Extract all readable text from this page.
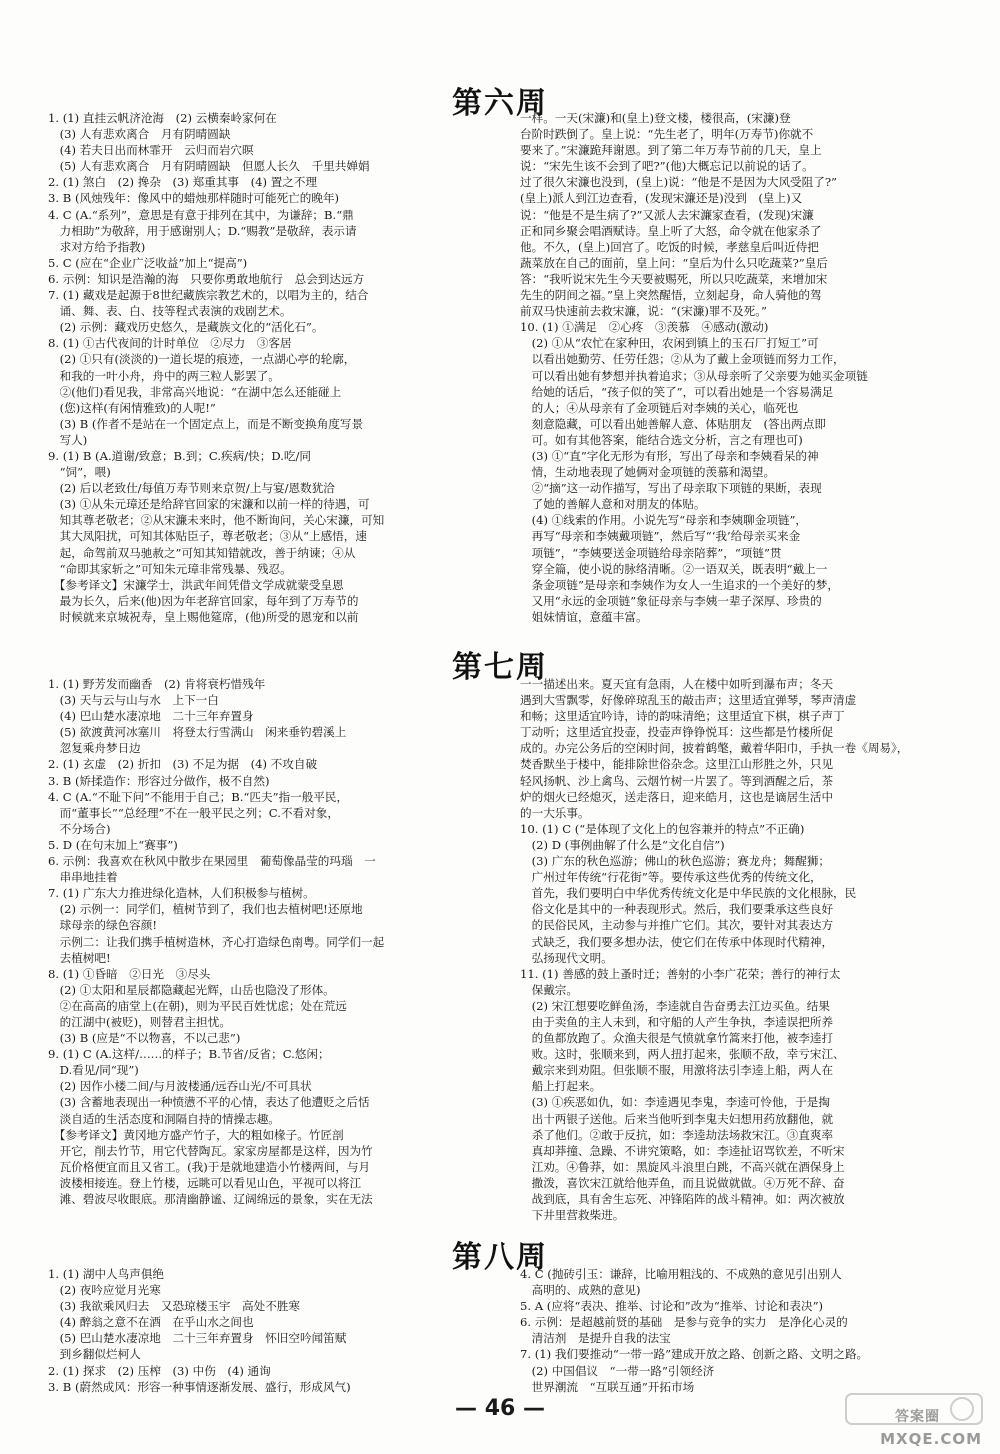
第六周
1. (1) 直挂云帆济沧海　(2) 云横秦岭家何在
　(3) 人有悲欢离合　月有阴晴圆缺
　(4) 若夫日出而林霏开　云归而岩穴暝
　(5) 人有悲欢离合　月有阴晴圆缺　但愿人长久　千里共婵娟
2. (1) 煞白　(2) 搀杂　(3) 郑重其事　(4) 置之不理
3. B (风烛残年：像风中的蜡烛那样随时可能死亡的晚年)
4. C (A.“系列”，意思是有意于排列在其中，为谦辞；B.“鼎
　力相助”为敬辞，用于感谢别人；D.“赐教”是敬辞，表示请
　求对方给予指教)
5. C (应在“企业广泛收益”加上“提高”)
6. 示例：知识是浩瀚的海　只要你勇敢地航行　总会到达远方
7. (1) 藏戏是起源于8世纪藏族宗教艺术的，以唱为主的，结合
　诵、舞、表、白、技等程式表演的戏剧艺术。
　(2) 示例：藏戏历史悠久，是藏族文化的“活化石”。
8. (1) ①古代夜间的计时单位　②尽力　③客居
　(2) ①只有(淡淡的)一道长堤的痕迹，一点湖心亭的轮廓，
　和我的一叶小舟，舟中的两三粒人影罢了。
　②(他们)看见我，非常高兴地说：“在湖中怎么还能碰上
　(您)这样(有闲情雅致)的人呢!”
　(3) B (作者不是站在一个固定点上，而是不断变换角度写景
　写人)
9. (1) B (A.道谢/致意；B.到；C.疾病/快；D.吃/同
　“饲”，喂)
　(2) 后以老致仕/每值万寿节则来京贺/上与宴/恩数犹洽
　(3) ①从朱元璋还是给辞官回家的宋濂和以前一样的待遇，可
　知其尊老敬老；②从宋濂未来时，他不断询问，关心宋濂，可知
　其大凤阳扰，可知其体贴臣子，尊老敬老；③从“上感悟，速
　起，命驾前双马驰赦之”可知其知错就改，善于纳谏；④从
　“命即其家斩之”可知朱元璋非常残暴、残忍。
　【参考译文】宋濂学士，洪武年间凭借文学成就蒙受皇恩
　最为长久，后来(他)因为年老辞官回家，每年到了万寿节的
　时候就来京城祝寿，皇上赐他筵席，(他)所受的恩宠和以前
一样。一天(宋濂)和(皇上)登文楼，楼很高，(宋濂)登
台阶时跌倒了。皇上说：“先生老了，明年(万寿节)你就不
要来了。”宋濂跪拜谢恩。到了第二年万寿节前的几天，皇上
说：“宋先生该不会到了吧?”(他)大概忘记以前说的话了。
过了很久宋濂也没到，(皇上)说：“他是不是因为大风受阻了?”
(皇上)派人到江边查看，(发现宋濂还是)没到　(皇上)又
说：“他是不是生病了?”又派人去宋濂家查看，(发现)宋濂
正和同乡聚会唱酒赋诗。皇上听了大怒，命令就在他家杀了
他。不久，(皇上)回宫了。吃饭的时候，孝慈皇后叫近侍把
蔬菜放在自己的面前，皇上问：“皇后为什么只吃蔬菜?”皇后
答：“我听说宋先生今天要被赐死，所以只吃蔬菜，来增加宋
先生的阴间之福。”皇上突然醒悟，立刻起身，命人骑他的驾
前双马快速前去救宋濂，说：“(宋濂)罪不及死。”
10. (1) ①满足　②心疼　③羡慕　④感动(激动)
　(2) ①从“农忙在家种田，农闲到镇上的玉石厂打短工”可
　以看出她勤劳、任劳任怨；②从为了戴上金项链而努力工作，
　可以看出她有梦想并执着追求；③从母亲听了父亲要为她买金项链
　给她的话后，“孩子似的笑了”，可以看出她是一个容易满足
　的人；④从母亲有了金项链后对李姨的关心，临死也
　刻意隐藏，可以看出她善解人意、体贴朋友　(答出两点即
　可。如有其他答案，能结合选文分析，言之有理也可)
　(3) ①“直”字化无形为有形，写出了母亲和李姨看呆的神
　情，生动地表现了她俩对金项链的羡慕和渴望。
　②“摘”这一动作描写，写出了母亲取下项链的果断，表现
　了她的善解人意和对朋友的体贴。
　(4) ①线索的作用。小说先写“母亲和李姨聊金项链”，
　再写“母亲和李姨戴项链”，然后写“‘我’给母亲买来金
　项链”，“李姨要送金项链给母亲陪葬”，“项链”贯
　穿全篇，使小说的脉络清晰。②一语双关，既表明“戴上一
　条金项链”是母亲和李姨作为女人一生追求的一个美好的梦，
　又用“永远的金项链”象征母亲与李姨一辈子深厚、珍贵的
　姐妹情谊，意蕴丰富。
第七周
1. (1) 野芳发而幽香　(2) 肯将衰朽惜残年
　(3) 天与云与山与水　上下一白
　(4) 巴山楚水凄凉地　二十三年弃置身
　(5) 欲渡黄河冰塞川　将登太行雪满山　闲来垂钓碧溪上
　忽复乘舟梦日边
2. (1) 玄虚　(2) 折扣　(3) 不足为据　(4) 不攻自破
3. B (矫揉造作：形容过分做作，极不自然)
4. C (A.“不耻下问”不能用于自己；B.“匹夫”指一般平民，
　而“董事长”“总经理”不在一般平民之列；C.不看对象，
　不分场合)
5. D (在句末加上“赛事”)
6. 示例：我喜欢在秋风中散步在果园里　葡萄像晶莹的玛瑙　一
　串串地挂着
7. (1) 广东大力推进绿化造林，人们积极参与植树。
　(2) 示例一：同学们，植树节到了，我们也去植树吧!还原地
　球母亲的绿色容颜!
　示例二：让我们携手植树造林，齐心打造绿色南粤。同学们一起
　去植树吧!
8. (1) ①昏暗　②日光　③尽头
　(2) ①太阳和星辰都隐藏起光辉，山岳也隐没了形体。
　②在高高的庙堂上(在朝)，则为平民百姓忧虑；处在荒远
　的江湖中(被贬)，则替君主担忧。
　(3) B (应是“不以物喜，不以己悲”)
9. (1) C (A.这样/……的样子；B.节省/反省；C.悠闲；
　D.看见/同“现”)
　(2) 因作小楼二间/与月波楼通/远吞山光/不可具状
　(3) 含蓄地表现出一种愤懑不平的心情，表达了他遭贬之后恬
　淡自适的生活态度和洞隔自持的情操志趣。
　【参考译文】黄冈地方盛产竹子，大的粗如椽子。竹匠剖
　开它，削去竹节，用它代替陶瓦。家家房屋都是这样，因为竹
　瓦价格便宜而且又省工。(我)于是就地建造小竹楼两间，与月
　波楼相接连。登上竹楼，远眺可以看见山色，平视可以将江
　滩、碧波尽收眼底。那清幽静谧、辽阔绵远的景象，实在无法
一一描述出来。夏天宜有急雨，人在楼中如听到瀑布声；冬天
遇到大雪飘零，好像碎琼乱玉的敲击声；这里适宜弹琴，琴声清虚
和畅；这里适宜吟诗，诗的韵味清绝；这里适宜下棋，棋子声丁
丁动听；这里适宜投壶，投壶声铮铮悦耳：这些都是竹楼所促
成的。办完公务后的空闲时间，披着鹤氅，戴着华阳巾，手执一卷《周易》，
焚香默坐于楼中，能排除世俗杂念。这里江山形胜之外，只见
轻风扬帆、沙上禽鸟、云烟竹树一片罢了。等到酒醒之后，茶
炉的烟火已经熄灭，送走落日，迎来皓月，这也是谪居生活中
的一大乐事。
10. (1) C (“是体现了文化上的包容兼并的特点”不正确)
　(2) D (事例曲解了什么是“文化自信”)
　(3) 广东的秋色巡游；佛山的秋色巡游；赛龙舟；舞醒狮；
　广州过年传统“行花街”等。要传承这些优秀的传统文化，
　首先，我们要明白中华优秀传统文化是中华民族的文化根脉，民
　俗文化是其中的一种表现形式。然后，我们要秉承这些良好
　的民俗民风，主动参与并推广它们。其次，要针对其表达方
　式缺乏，我们要多想办法，使它们在传承中体现时代精神，
　弘扬现代文明。
11. (1) 善感的鼓上蚤时迁；善射的小李广花荣；善行的神行太
　保戴宗。
　(2) 宋江想要吃鲜鱼汤，李逵就自告奋勇去江边买鱼。结果
　由于卖鱼的主人未到，和守船的人产生争执，李逵误把所养
　的鱼都放跑了。众渔夫很是气愤就拿竹篙来打他，被李逵打
　败。这时，张顺来到，两人扭打起来，张顺不敌，幸亏宋江、
　戴宗来到劝阻。但张顺不服，用激将法引李逵上船，两人在
　船上打起来。
　(3) ①疾恶如仇，如：李逵遇见李鬼，李逵可怜他，于是掏
　出十两银子送他。后来当他听到李鬼夫妇想用药放翻他，就
　杀了他们。②敢于反抗，如：李逵劫法场救宋江。③直爽率
　真却莽撞、急躁、不讲究策略，如：李逵扯诏骂钦差，不听宋
　江劝。④鲁莽，如：黑旋风斗浪里白跳，不高兴就在酒保身上
　撒泼，喜饮宋江就给他弄鱼，而且说做就做。④万死不辞、奋
　战到底，具有舍生忘死、冲锋陷阵的战斗精神。如：两次被放
　下井里营救柴进。
第八周
1. (1) 湖中人鸟声俱绝
　(2) 夜吟应觉月光寒
　(3) 我欲乘风归去　又恐琼楼玉宇　高处不胜寒
　(4) 醉翁之意不在酒　在乎山水之间也
　(5) 巴山楚水凄凉地　二十三年弃置身　怀旧空吟闻笛赋
　到乡翻似烂柯人
2. (1) 探求　(2) 压榨　(3) 中伤　(4) 通询
3. B (蔚然成风：形容一种事情逐渐发展、盛行，形成风气)
4. C (抛砖引玉：谦辞，比喻用粗浅的、不成熟的意见引出别人
　高明的、成熟的意见)
5. A (应将“表决、推举、讨论和”改为“推举、讨论和表决”)
6. 示例：是超越前贤的基础　是参与竞争的实力　是净化心灵的
　清洁剂　是提升自我的法宝
7. (1) 我们要推动“一带一路”建成开放之路、创新之路、文明之路。
　(2) 中国倡议　“一带一路”引领经济
　世界潮流　“互联互通”开拓市场
— 46 —	答案圈
MXQE.COM
